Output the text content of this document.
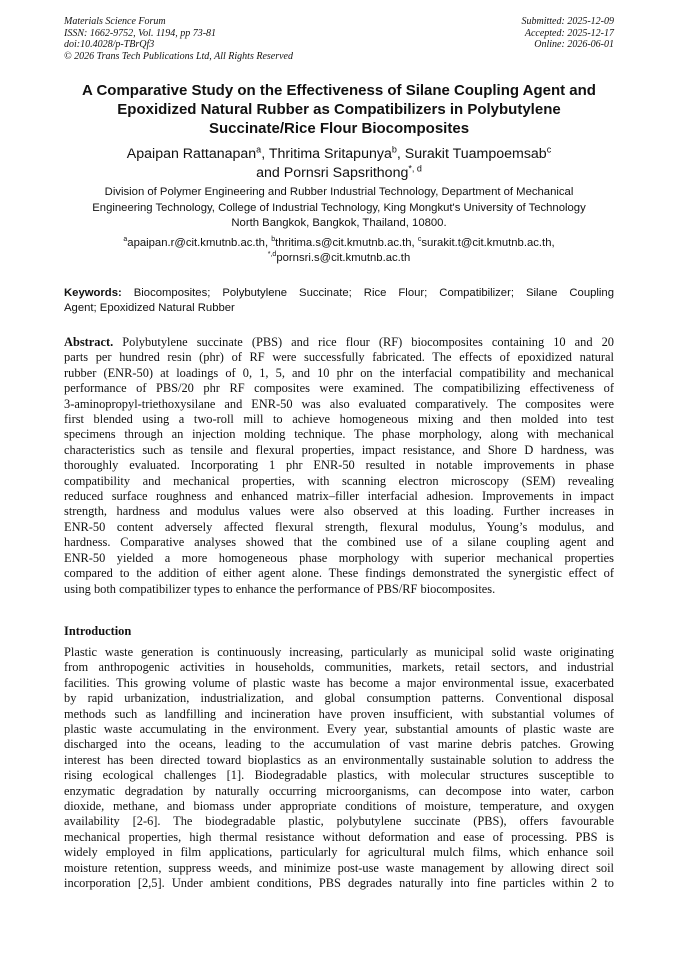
Materials Science Forum
ISSN: 1662-9752, Vol. 1194, pp 73-81
doi:10.4028/p-TBrQf3
© 2026 Trans Tech Publications Ltd, All Rights Reserved
Submitted: 2025-12-09
Accepted: 2025-12-17
Online: 2026-06-01
A Comparative Study on the Effectiveness of Silane Coupling Agent and
Epoxidized Natural Rubber as Compatibilizers in Polybutylene
Succinate/Rice Flour Biocomposites
Apaipan Rattanapan$^a$, Thritima Sritapunya$^b$, Surakit Tuampoemsab$^c$
and Pornsri Sapsrithong$^{*, d}$
Division of Polymer Engineering and Rubber Industrial Technology, Department of Mechanical
Engineering Technology, College of Industrial Technology, King Mongkut's University of Technology
North Bangkok, Bangkok, Thailand, 10800.
$^a$apaipan.r@cit.kmutnb.ac.th, $^b$thritima.s@cit.kmutnb.ac.th, $^c$surakit.t@cit.kmutnb.ac.th,
$^{*,d}$pornsri.s@cit.kmutnb.ac.th
Keywords: Biocomposites; Polybutylene Succinate; Rice Flour; Compatibilizer; Silane Coupling
Agent; Epoxidized Natural Rubber
Abstract. Polybutylene succinate (PBS) and rice flour (RF) biocomposites containing 10 and 20
parts per hundred resin (phr) of RF were successfully fabricated. The effects of epoxidized natural
rubber (ENR-50) at loadings of 0, 1, 5, and 10 phr on the interfacial compatibility and mechanical
performance of PBS/20 phr RF composites were examined. The compatibilizing effectiveness of
3-aminopropyl-triethoxysilane and ENR-50 was also evaluated comparatively. The composites were
first blended using a two-roll mill to achieve homogeneous mixing and then molded into test
specimens through an injection molding technique. The phase morphology, along with mechanical
characteristics such as tensile and flexural properties, impact resistance, and Shore D hardness, was
thoroughly evaluated. Incorporating 1 phr ENR-50 resulted in notable improvements in phase
compatibility and mechanical properties, with scanning electron microscopy (SEM) revealing
reduced surface roughness and enhanced matrix–filler interfacial adhesion. Improvements in impact
strength, hardness and modulus values were also observed at this loading. Further increases in
ENR-50 content adversely affected flexural strength, flexural modulus, Young’s modulus, and
hardness. Comparative analyses showed that the combined use of a silane coupling agent and
ENR-50 yielded a more homogeneous phase morphology with superior mechanical properties
compared to the addition of either agent alone. These findings demonstrated the synergistic effect of
using both compatibilizer types to enhance the performance of PBS/RF biocomposites.
Introduction
Plastic waste generation is continuously increasing, particularly as municipal solid waste originating
from anthropogenic activities in households, communities, markets, retail sectors, and industrial
facilities. This growing volume of plastic waste has become a major environmental issue, exacerbated
by rapid urbanization, industrialization, and global consumption patterns. Conventional disposal
methods such as landfilling and incineration have proven insufficient, with substantial volumes of
plastic waste accumulating in the environment. Every year, substantial amounts of plastic waste are
discharged into the oceans, leading to the accumulation of vast marine debris patches. Growing
interest has been directed toward bioplastics as an environmentally sustainable solution to address the
rising ecological challenges [1]. Biodegradable plastics, with molecular structures susceptible to
enzymatic degradation by naturally occurring microorganisms, can decompose into water, carbon
dioxide, methane, and biomass under appropriate conditions of moisture, temperature, and oxygen
availability [2-6]. The biodegradable plastic, polybutylene succinate (PBS), offers favourable
mechanical properties, high thermal resistance without deformation and ease of processing. PBS is
widely employed in film applications, particularly for agricultural mulch films, which enhance soil
moisture retention, suppress weeds, and minimize post-use waste management by allowing direct soil
incorporation [2,5]. Under ambient conditions, PBS degrades naturally into fine particles within 2 to
